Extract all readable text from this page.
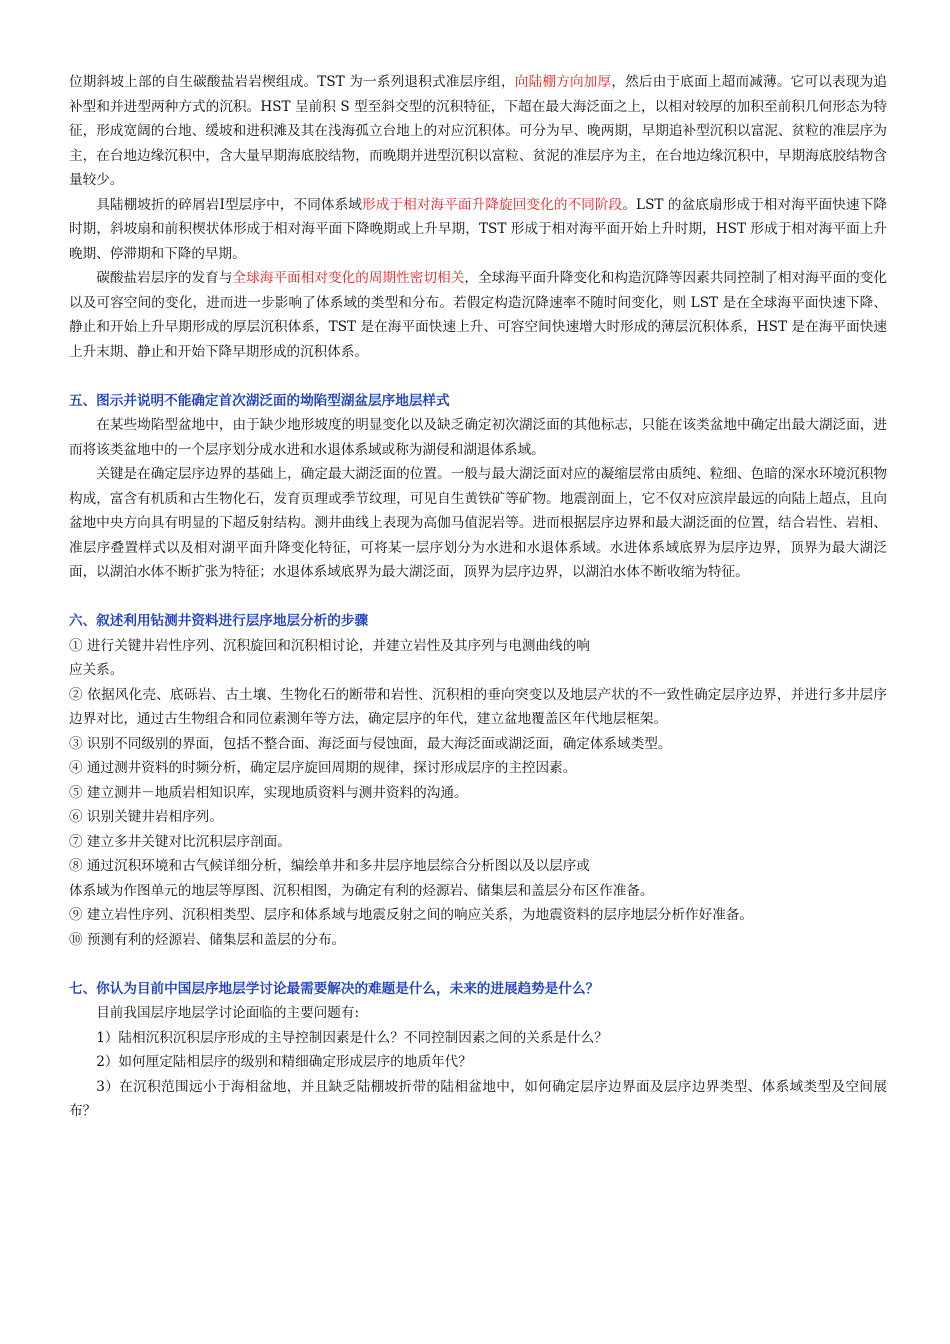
位期斜坡上部的自生碳酸盐岩岩楔组成。TST 为一系列退积式准层序组，向陆棚方向加厚，然后由于底面上超而减薄。它可以表现为追补型和并进型两种方式的沉积。HST 呈前积 S 型至斜交型的沉积特征，下超在最大海泛面之上，以相对较厚的加积至前积几何形态为特征，形成宽阔的台地、缓坡和进积滩及其在浅海孤立台地上的对应沉积体。可分为早、晚两期，早期追补型沉积以富泥、贫粒的准层序为主，在台地边缘沉积中，含大量早期海底胶结物，而晚期并进型沉积以富粒、贫泥的准层序为主，在台地边缘沉积中，早期海底胶结物含量较少。

具陆棚坡折的碎屑岩Ⅰ型层序中，不同体系域形成于相对海平面升降旋回变化的不同阶段。LST 的盆底扇形成于相对海平面快速下降时期，斜坡扇和前积楔状体形成于相对海平面下降晚期或上升早期，TST 形成于相对海平面开始上升时期，HST 形成于相对海平面上升晚期、停滞期和下降的早期。

碳酸盐岩层序的发育与全球海平面相对变化的周期性密切相关，全球海平面升降变化和构造沉降等因素共同控制了相对海平面的变化以及可容空间的变化，进而进一步影响了体系域的类型和分布。若假定构造沉降速率不随时间变化，则 LST 是在全球海平面快速下降、静止和开始上升早期形成的厚层沉积体系，TST 是在海平面快速上升、可容空间快速增大时形成的薄层沉积体系，HST 是在海平面快速上升末期、静止和开始下降早期形成的沉积体系。

五、图示并说明不能确定首次湖泛面的坳陷型湖盆层序地层样式

在某些坳陷型盆地中，由于缺少地形坡度的明显变化以及缺乏确定初次湖泛面的其他标志，只能在该类盆地中确定出最大湖泛面，进而将该类盆地中的一个层序划分成水进和水退体系域或称为湖侵和湖退体系域。

关键是在确定层序边界的基础上，确定最大湖泛面的位置。一般与最大湖泛面对应的凝缩层常由质纯、粒细、色暗的深水环境沉积物构成，富含有机质和古生物化石，发育页理或季节纹理，可见自生黄铁矿等矿物。地震剖面上，它不仅对应滨岸最远的向陆上超点，且向盆地中央方向具有明显的下超反射结构。测井曲线上表现为高伽马值泥岩等。进而根据层序边界和最大湖泛面的位置，结合岩性、岩相、准层序叠置样式以及相对湖平面升降变化特征，可将某一层序划分为水进和水退体系域。水进体系域底界为层序边界，顶界为最大湖泛面，以湖泊水体不断扩张为特征；水退体系域底界为最大湖泛面，顶界为层序边界，以湖泊水体不断收缩为特征。

六、叙述利用钻测井资料进行层序地层分析的步骤

① 进行关键井岩性序列、沉积旋回和沉积相讨论，并建立岩性及其序列与电测曲线的响

应关系。

② 依据风化壳、底砾岩、古土壤、生物化石的断带和岩性、沉积相的垂向突变以及地层产状的不一致性确定层序边界，并进行多井层序边界对比，通过古生物组合和同位素测年等方法，确定层序的年代，建立盆地覆盖区年代地层框架。

③ 识别不同级别的界面，包括不整合面、海泛面与侵蚀面，最大海泛面或湖泛面，确定体系域类型。

④ 通过测井资料的时频分析，确定层序旋回周期的规律，探讨形成层序的主控因素。

⑤ 建立测井－地质岩相知识库，实现地质资料与测井资料的沟通。

⑥ 识别关键井岩相序列。

⑦ 建立多井关键对比沉积层序剖面。

⑧ 通过沉积环境和古气候详细分析，编绘单井和多井层序地层综合分析图以及以层序或

体系域为作图单元的地层等厚图、沉积相图，为确定有利的烃源岩、储集层和盖层分布区作准备。

⑨ 建立岩性序列、沉积相类型、层序和体系域与地震反射之间的响应关系，为地震资料的层序地层分析作好准备。

⑩ 预测有利的烃源岩、储集层和盖层的分布。

七、你认为目前中国层序地层学讨论最需要解决的难题是什么，未来的进展趋势是什么？

目前我国层序地层学讨论面临的主要问题有:

1）陆相沉积沉积层序形成的主导控制因素是什么？不同控制因素之间的关系是什么？

2）如何厘定陆相层序的级别和精细确定形成层序的地质年代？

3）在沉积范围远小于海相盆地，并且缺乏陆棚坡折带的陆相盆地中，如何确定层序边界面及层序边界类型、体系域类型及空间展布？
